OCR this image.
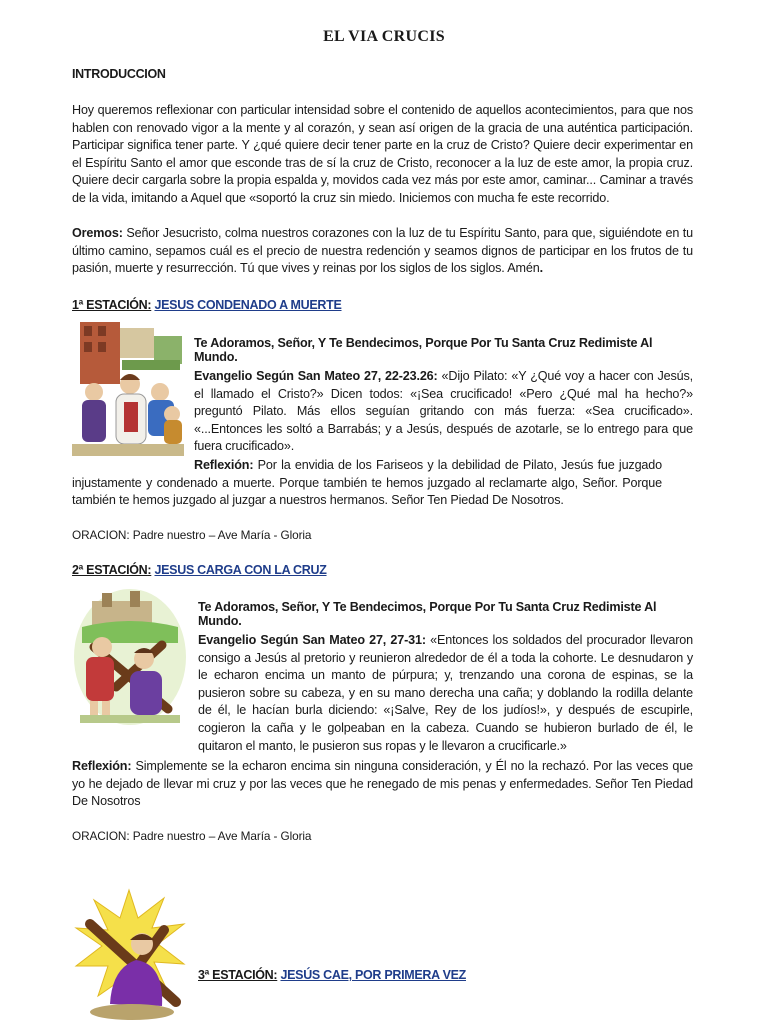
EL VIA CRUCIS
INTRODUCCION
Hoy queremos reflexionar con particular intensidad sobre el contenido de aquellos acontecimientos, para que nos hablen con renovado vigor a la mente y al corazón, y sean así origen de la gracia de una auténtica participación. Participar significa tener parte. Y ¿qué quiere decir tener parte en la cruz de Cristo? Quiere decir experimentar en el Espíritu Santo el amor que esconde tras de sí la cruz de Cristo, reconocer a la luz de este amor, la propia cruz. Quiere decir cargarla sobre la propia espalda y, movidos cada vez más por este amor, caminar... Caminar a través de la vida, imitando a Aquel que «soportó la cruz sin miedo. Iniciemos con mucha fe este recorrido.
Oremos: Señor Jesucristo, colma nuestros corazones con la luz de tu Espíritu Santo, para que, siguiéndote en tu último camino, sepamos cuál es el precio de nuestra redención y seamos dignos de participar en los frutos de tu pasión, muerte y resurrección. Tú que vives y reinas por los siglos de los siglos. Amén.
1ª ESTACIÓN: JESUS CONDENADO A MUERTE
Te Adoramos, Señor, Y Te Bendecimos, Porque Por Tu Santa Cruz Redimiste Al Mundo.
Evangelio Según San Mateo 27, 22-23.26: «Dijo Pilato: «Y ¿Qué voy a hacer con Jesús, el llamado el Cristo?» Dicen todos: «¡Sea crucificado! «Pero ¿Qué mal ha hecho?» preguntó Pilato. Más ellos seguían gritando con más fuerza: «Sea crucificado». «...Entonces les soltó a Barrabás; y a Jesús, después de azotarle, se lo entrego para que fuera crucificado».
Reflexión: Por la envidia de los Fariseos y la debilidad de Pilato, Jesús fue juzgado injustamente y condenado a muerte. Porque también te hemos juzgado al reclamarte algo, Señor. Porque también te hemos juzgado al juzgar a nuestros hermanos. Señor Ten Piedad De Nosotros.
ORACION: Padre nuestro – Ave María - Gloria
2ª ESTACIÓN: JESUS CARGA CON LA CRUZ
Te Adoramos, Señor, Y Te Bendecimos, Porque Por Tu Santa Cruz Redimiste Al Mundo.
Evangelio Según San Mateo 27, 27-31: «Entonces los soldados del procurador llevaron consigo a Jesús al pretorio y reunieron alrededor de él a toda la cohorte. Le desnudaron y le echaron encima un manto de púrpura; y, trenzando una corona de espinas, se la pusieron sobre su cabeza, y en su mano derecha una caña; y doblando la rodilla delante de él, le hacían burla diciendo: «¡Salve, Rey de los judíos!», y después de escupirle, cogieron la caña y le golpeaban en la cabeza. Cuando se hubieron burlado de él, le quitaron el manto, le pusieron sus ropas y le llevaron a crucificarle.»
Reflexión: Simplemente se la echaron encima sin ninguna consideración, y Él no la rechazó. Por las veces que yo he dejado de llevar mi cruz y por las veces que he renegado de mis penas y enfermedades. Señor Ten Piedad De Nosotros
ORACION: Padre nuestro – Ave María - Gloria
3ª ESTACIÓN: JESÚS CAE, POR PRIMERA VEZ
